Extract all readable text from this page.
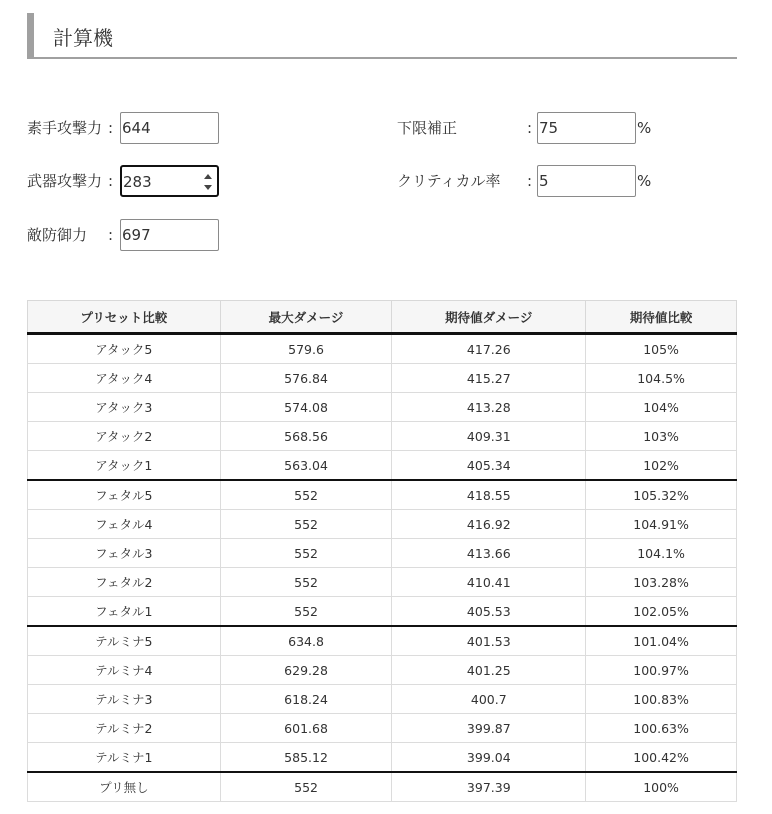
計算機
素手攻撃力 : 644
武器攻撃力 : 283
敵防御力 : 697
下限補正	: 75	%
クリティカル率 : 5	%
プリセット比較	最大ダメージ	期待値ダメージ	期待値比較
アタック5	579.6	417.26	105%
アタック4	576.84	415.27	104.5%
アタック3	574.08	413.28	104%
アタック2	568.56	409.31	103%
アタック1	563.04	405.34	102%
フェタル5	552	418.55	105.32%
フェタル4	552	416.92	104.91%
フェタル3	552	413.66	104.1%
フェタル2	552	410.41	103.28%
フェタル1	552	405.53	102.05%
テルミナ5	634.8	401.53	101.04%
テルミナ4	629.28	401.25	100.97%
テルミナ3	618.24	400.7	100.83%
テルミナ2	601.68	399.87	100.63%
テルミナ1	585.12	399.04	100.42%
プリ無し	552	397.39	100%
